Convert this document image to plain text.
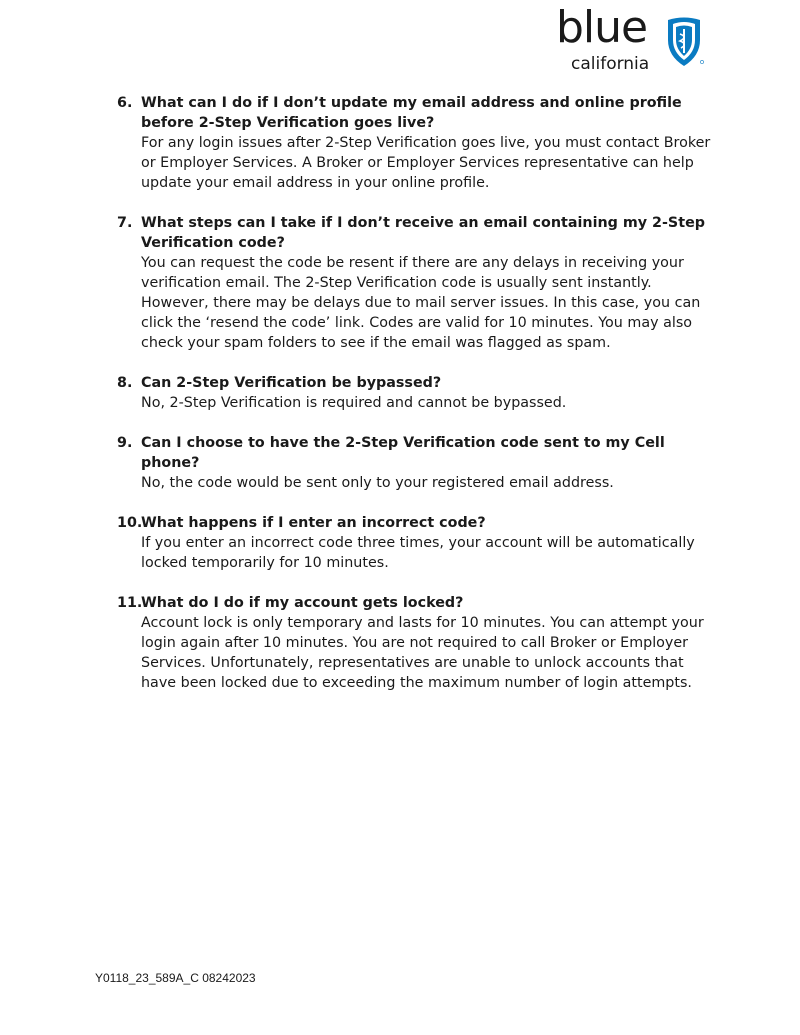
blue
california
6. What can I do if I don’t update my email address and online profile before 2-Step Verification goes live?

For any login issues after 2-Step Verification goes live, you must contact Broker or Employer Services. A Broker or Employer Services representative can help update your email address in your online profile.

7. What steps can I take if I don’t receive an email containing my 2-Step Verification code?

You can request the code be resent if there are any delays in receiving your verification email. The 2-Step Verification code is usually sent instantly. However, there may be delays due to mail server issues. In this case, you can click the ‘resend the code’ link. Codes are valid for 10 minutes. You may also check your spam folders to see if the email was flagged as spam.

8. Can 2-Step Verification be bypassed?

No, 2-Step Verification is required and cannot be bypassed.

9. Can I choose to have the 2-Step Verification code sent to my Cell phone?

No, the code would be sent only to your registered email address.

10.

What happens if I enter an incorrect code?

If you enter an incorrect code three times, your account will be automatically locked temporarily for 10 minutes.

11.

What do I do if my account gets locked?

Account lock is only temporary and lasts for 10 minutes. You can attempt your login again after 10 minutes. You are not required to call Broker or Employer Services. Unfortunately, representatives are unable to unlock accounts that have been locked due to exceeding the maximum number of login attempts.

Y0118_23_589A_C 08242023
